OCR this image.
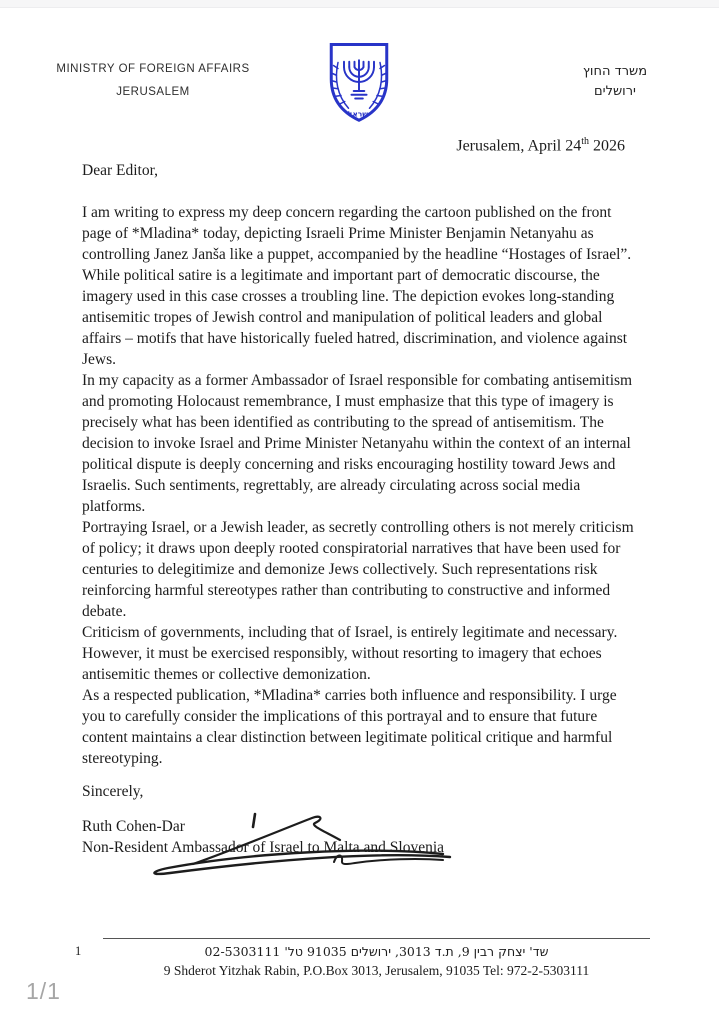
MINISTRY OF FOREIGN AFFAIRS
JERUSALEM
ישראל
משרד החוץ
ירושלים
Jerusalem, April 24th 2026

Dear Editor,

I am writing to express my deep concern regarding the cartoon published on the front page of *Mladina* today, depicting Israeli Prime Minister Benjamin Netanyahu as controlling Janez Janša like a puppet, accompanied by the headline “Hostages of Israel”.

While political satire is a legitimate and important part of democratic discourse, the imagery used in this case crosses a troubling line. The depiction evokes long-standing antisemitic tropes of Jewish control and manipulation of political leaders and global affairs – motifs that have historically fueled hatred, discrimination, and violence against Jews.

In my capacity as a former Ambassador of Israel responsible for combating antisemitism and promoting Holocaust remembrance, I must emphasize that this type of imagery is precisely what has been identified as contributing to the spread of antisemitism. The decision to invoke Israel and Prime Minister Netanyahu within the context of an internal political dispute is deeply concerning and risks encouraging hostility toward Jews and Israelis. Such sentiments, regrettably, are already circulating across social media platforms.

Portraying Israel, or a Jewish leader, as secretly controlling others is not merely criticism of policy; it draws upon deeply rooted conspiratorial narratives that have been used for centuries to delegitimize and demonize Jews collectively. Such representations risk reinforcing harmful stereotypes rather than contributing to constructive and informed debate.

Criticism of governments, including that of Israel, is entirely legitimate and necessary. However, it must be exercised responsibly, without resorting to imagery that echoes antisemitic themes or collective demonization.

As a respected publication, *Mladina* carries both influence and responsibility. I urge you to carefully consider the implications of this portrayal and to ensure that future content maintains a clear distinction between legitimate political critique and harmful stereotyping.

Sincerely,

Ruth Cohen-Dar

Non-Resident Ambassador of Israel to Malta and Slovenia

1	שד' יצחק רבין 9, ת.ד 3013, ירושלים 91035 טל' 02-5303111
9 Shderot Yitzhak Rabin, P.O.Box 3013, Jerusalem, 91035 Tel: 972-2-5303111
1/1
